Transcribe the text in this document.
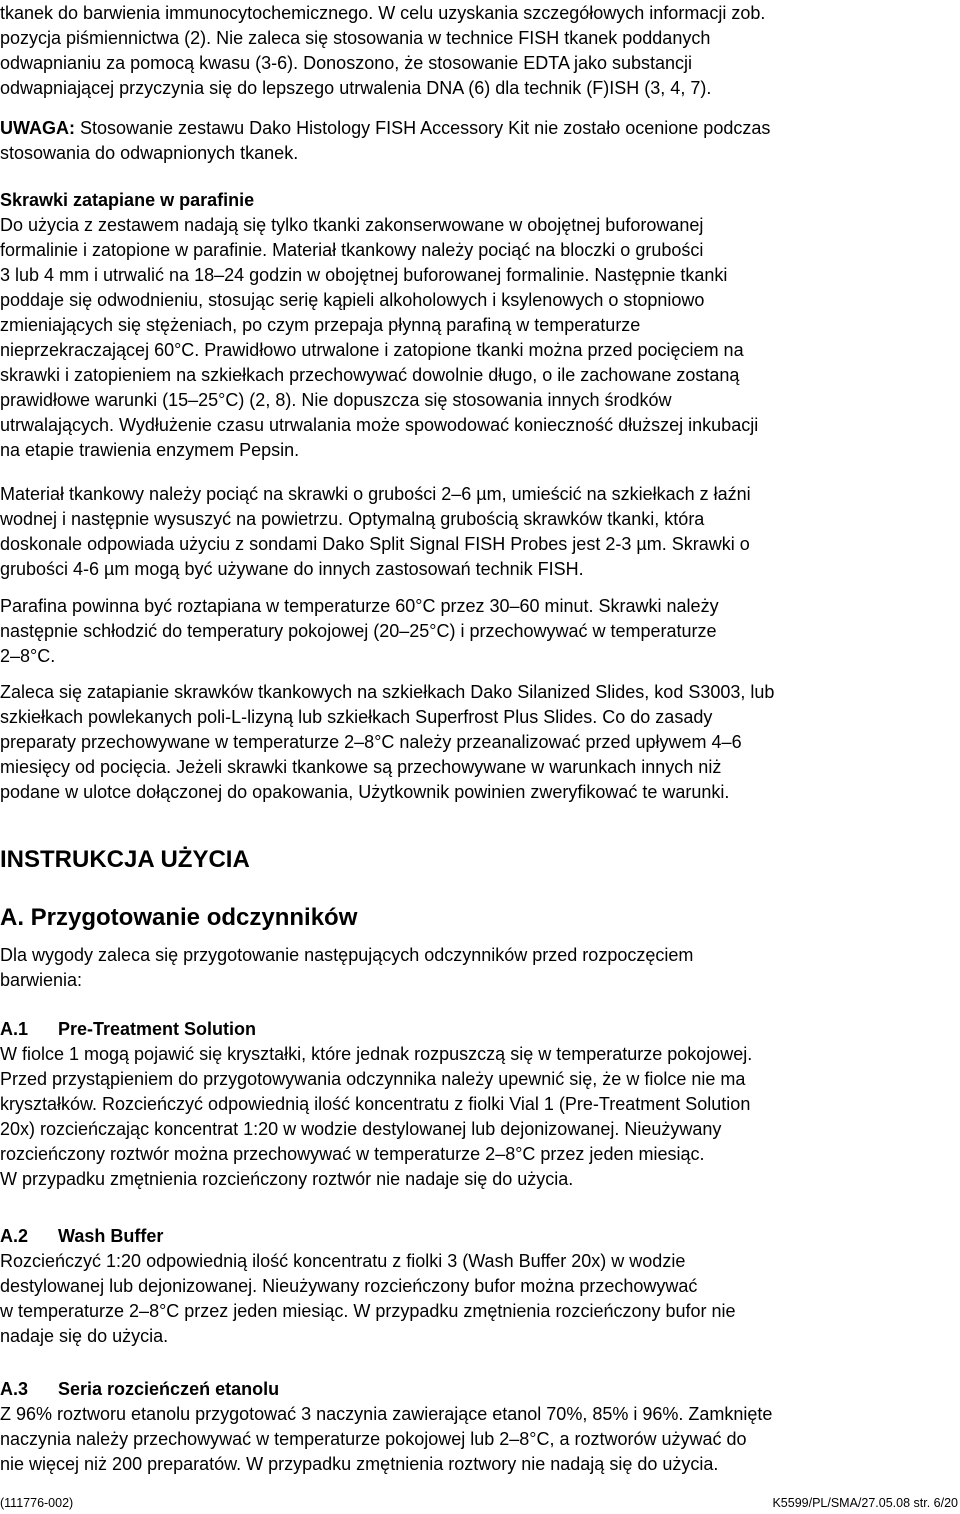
tkanek do barwienia immunocytochemicznego. W celu uzyskania szczegółowych informacji zob.
pozycja piśmiennictwa (2). Nie zaleca się stosowania w technice FISH tkanek poddanych
odwapnianiu za pomocą kwasu (3-6). Donoszono, że stosowanie EDTA jako substancji
odwapniającej przyczynia się do lepszego utrwalenia DNA (6) dla technik (F)ISH (3, 4, 7).
UWAGA: Stosowanie zestawu Dako Histology FISH Accessory Kit nie zostało ocenione podczas
stosowania do odwapnionych tkanek.
Skrawki zatapiane w parafinie
Do użycia z zestawem nadają się tylko tkanki zakonserwowane w obojętnej buforowanej
formalinie i zatopione w parafinie. Materiał tkankowy należy pociąć na bloczki o grubości
3 lub 4 mm i utrwalić na 18–24 godzin w obojętnej buforowanej formalinie. Następnie tkanki
poddaje się odwodnieniu, stosując serię kąpieli alkoholowych i ksylenowych o stopniowo
zmieniających się stężeniach, po czym przepaja płynną parafiną w temperaturze
nieprzekraczającej 60°C. Prawidłowo utrwalone i zatopione tkanki można przed pocięciem na
skrawki i zatopieniem na szkiełkach przechowywać dowolnie długo, o ile zachowane zostaną
prawidłowe warunki (15–25°C) (2, 8). Nie dopuszcza się stosowania innych środków
utrwalających. Wydłużenie czasu utrwalania może spowodować konieczność dłuższej inkubacji
na etapie trawienia enzymem Pepsin.
Materiał tkankowy należy pociąć na skrawki o grubości 2–6 µm, umieścić na szkiełkach z łaźni
wodnej i następnie wysuszyć na powietrzu. Optymalną grubością skrawków tkanki, która
doskonale odpowiada użyciu z sondami Dako Split Signal FISH Probes jest 2-3 µm. Skrawki o
grubości 4-6 µm mogą być używane do innych zastosowań technik FISH.
Parafina powinna być roztapiana w temperaturze 60°C przez 30–60 minut. Skrawki należy
następnie schłodzić do temperatury pokojowej (20–25°C) i przechowywać w temperaturze
2–8°C.
Zaleca się zatapianie skrawków tkankowych na szkiełkach Dako Silanized Slides, kod S3003, lub
szkiełkach powlekanych poli-L-lizyną lub szkiełkach Superfrost Plus Slides. Co do zasady
preparaty przechowywane w temperaturze 2–8°C należy przeanalizować przed upływem 4–6
miesięcy od pocięcia. Jeżeli skrawki tkankowe są przechowywane w warunkach innych niż
podane w ulotce dołączonej do opakowania, Użytkownik powinien zweryfikować te warunki.
INSTRUKCJA UŻYCIA
A. Przygotowanie odczynników
Dla wygody zaleca się przygotowanie następujących odczynników przed rozpoczęciem
barwienia:
A.1 Pre-Treatment Solution
W fiolce 1 mogą pojawić się kryształki, które jednak rozpuszczą się w temperaturze pokojowej.
Przed przystąpieniem do przygotowywania odczynnika należy upewnić się, że w fiolce nie ma
kryształków. Rozcieńczyć odpowiednią ilość koncentratu z fiolki Vial 1 (Pre-Treatment Solution
20x) rozcieńczając koncentrat 1:20 w wodzie destylowanej lub dejonizowanej. Nieużywany
rozcieńczony roztwór można przechowywać w temperaturze 2–8°C przez jeden miesiąc.
W przypadku zmętnienia rozcieńczony roztwór nie nadaje się do użycia.
A.2 Wash Buffer
Rozcieńczyć 1:20 odpowiednią ilość koncentratu z fiolki 3 (Wash Buffer 20x) w wodzie
destylowanej lub dejonizowanej. Nieużywany rozcieńczony bufor można przechowywać
w temperaturze 2–8°C przez jeden miesiąc. W przypadku zmętnienia rozcieńczony bufor nie
nadaje się do użycia.
A.3 Seria rozcieńczeń etanolu
Z 96% roztworu etanolu przygotować 3 naczynia zawierające etanol 70%, 85% i 96%. Zamknięte
naczynia należy przechowywać w temperaturze pokojowej lub 2–8°C, a roztworów używać do
nie więcej niż 200 preparatów. W przypadku zmętnienia roztwory nie nadają się do użycia.
(111776-002)	K5599/PL/SMA/27.05.08 str. 6/20
